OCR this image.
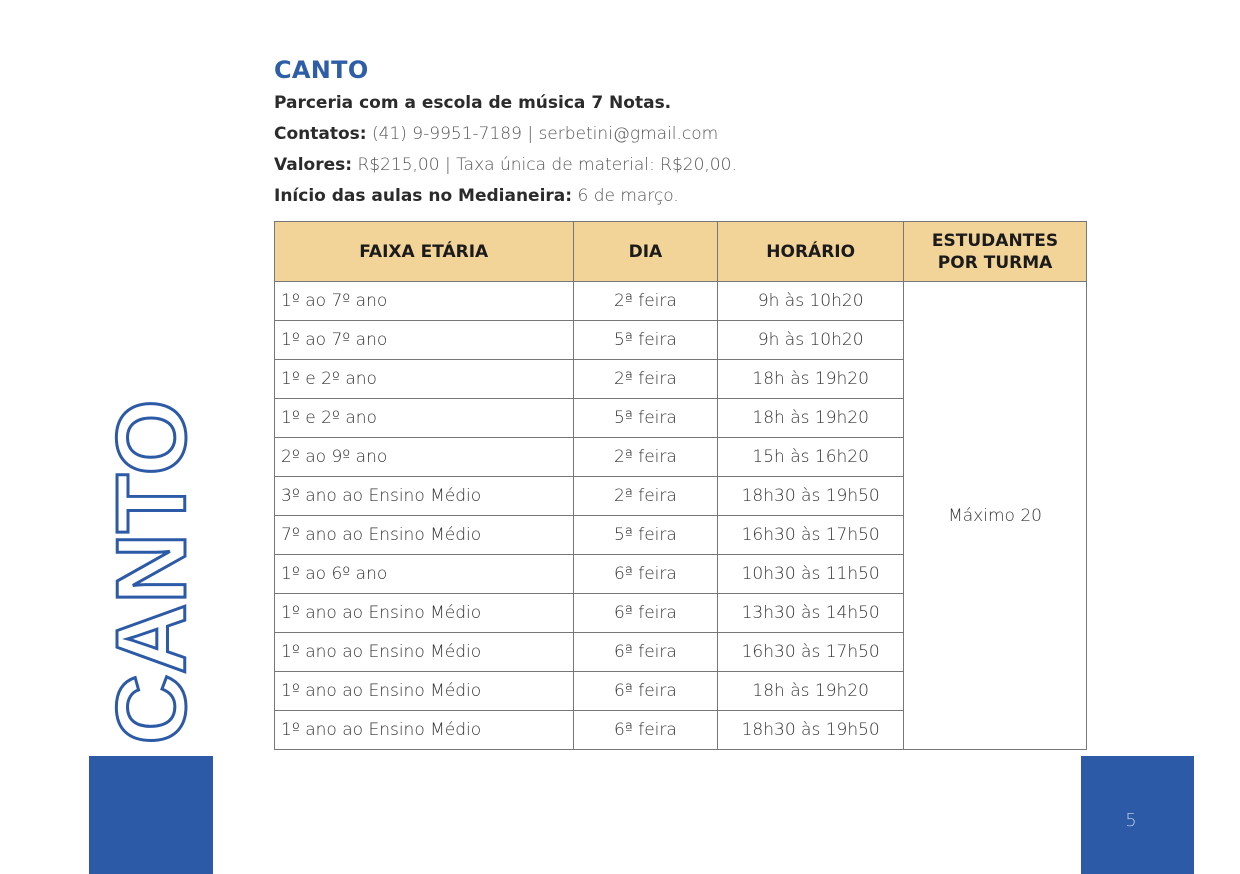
CANTO
Parceria com a escola de música 7 Notas.
Contatos: (41) 9-9951-7189 | serbetini@gmail.com
Valores: R$215,00 | Taxa única de material: R$20,00.
Início das aulas no Medianeira: 6 de março.
FAIXA ETÁRIA	DIA	HORÁRIO	ESTUDANTES POR TURMA
1º ao 7º ano	2ª feira	9h às 10h20	Máximo 20
1º ao 7º ano	5ª feira	9h às 10h20	
1º e 2º ano	2ª feira	18h às 19h20	
1º e 2º ano	5ª feira	18h às 19h20	
2º ao 9º ano	2ª feira	15h às 16h20	
3º ano ao Ensino Médio	2ª feira	18h30 às 19h50	
7º ano ao Ensino Médio	5ª feira	16h30 às 17h50	
1º ao 6º ano	6ª feira	10h30 às 11h50	
1º ano ao Ensino Médio	6ª feira	13h30 às 14h50	
1º ano ao Ensino Médio	6ª feira	16h30 às 17h50	
1º ano ao Ensino Médio	6ª feira	18h às 19h20	
1º ano ao Ensino Médio	6ª feira	18h30 às 19h50	
CANTO
5
